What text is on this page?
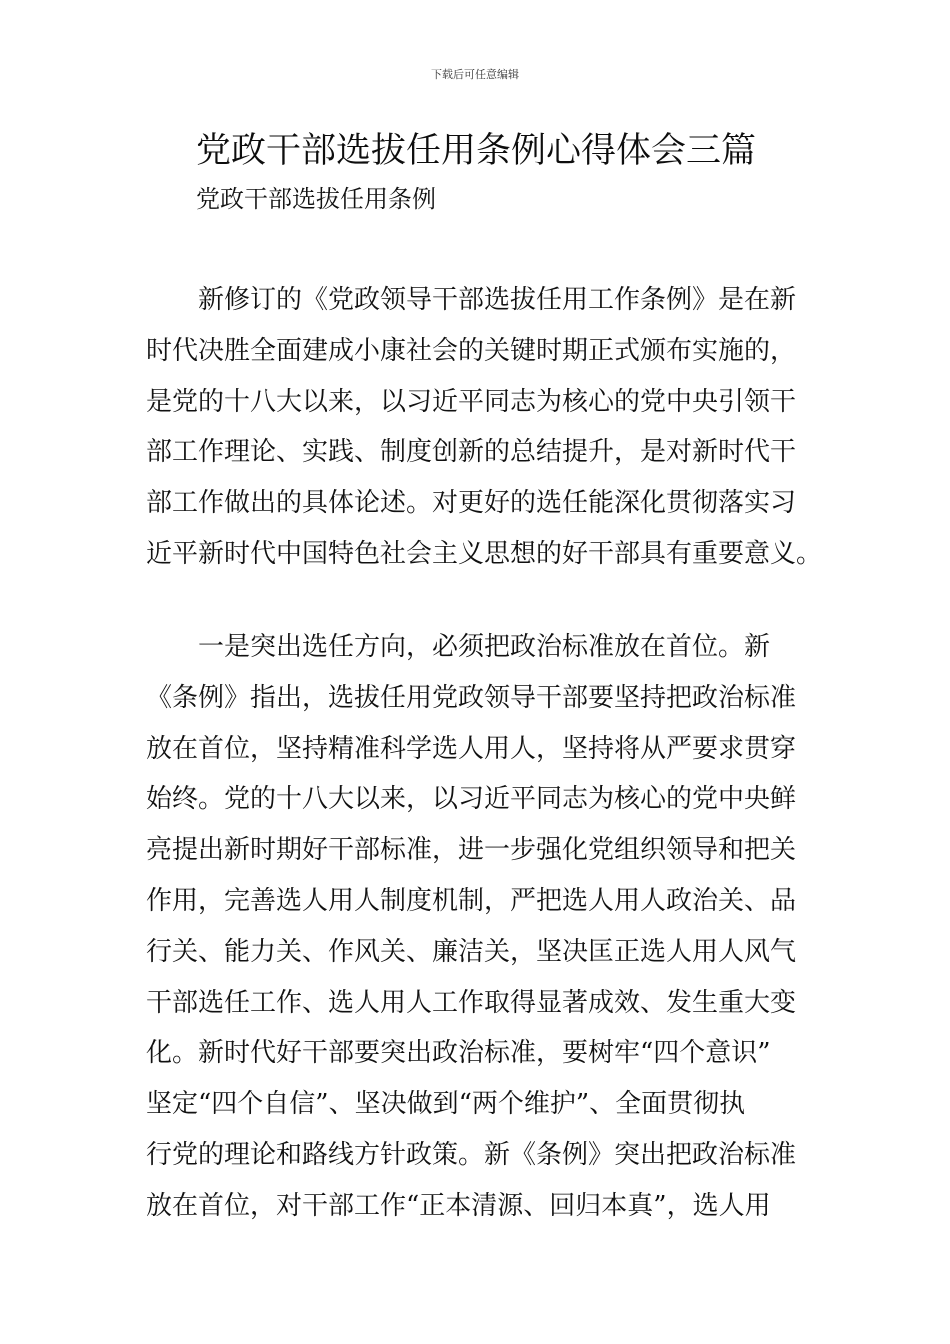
下载后可任意编辑
党政干部选拔任用条例心得体会三篇
党政干部选拔任用条例
新修订的《党政领导干部选拔任用工作条例》是在新
时代决胜全面建成小康社会的关键时期正式颁布实施的，
是党的十八大以来，以习近平同志为核心的党中央引领干
部工作理论、实践、制度创新的总结提升，是对新时代干
部工作做出的具体论述。对更好的选任能深化贯彻落实习
近平新时代中国特色社会主义思想的好干部具有重要意义。
一是突出选任方向，必须把政治标准放在首位。新
《条例》指出，选拔任用党政领导干部要坚持把政治标准
放在首位，坚持精准科学选人用人，坚持将从严要求贯穿
始终。党的十八大以来，以习近平同志为核心的党中央鲜
亮提出新时期好干部标准，进一步强化党组织领导和把关
作用，完善选人用人制度机制，严把选人用人政治关、品
行关、能力关、作风关、廉洁关，坚决匡正选人用人风气
干部选任工作、选人用人工作取得显著成效、发生重大变
化。新时代好干部要突出政治标准，要树牢“四个意识”
坚定“四个自信”、坚决做到“两个维护”、全面贯彻执
行党的理论和路线方针政策。新《条例》突出把政治标准
放在首位，对干部工作“正本清源、回归本真”，选人用
